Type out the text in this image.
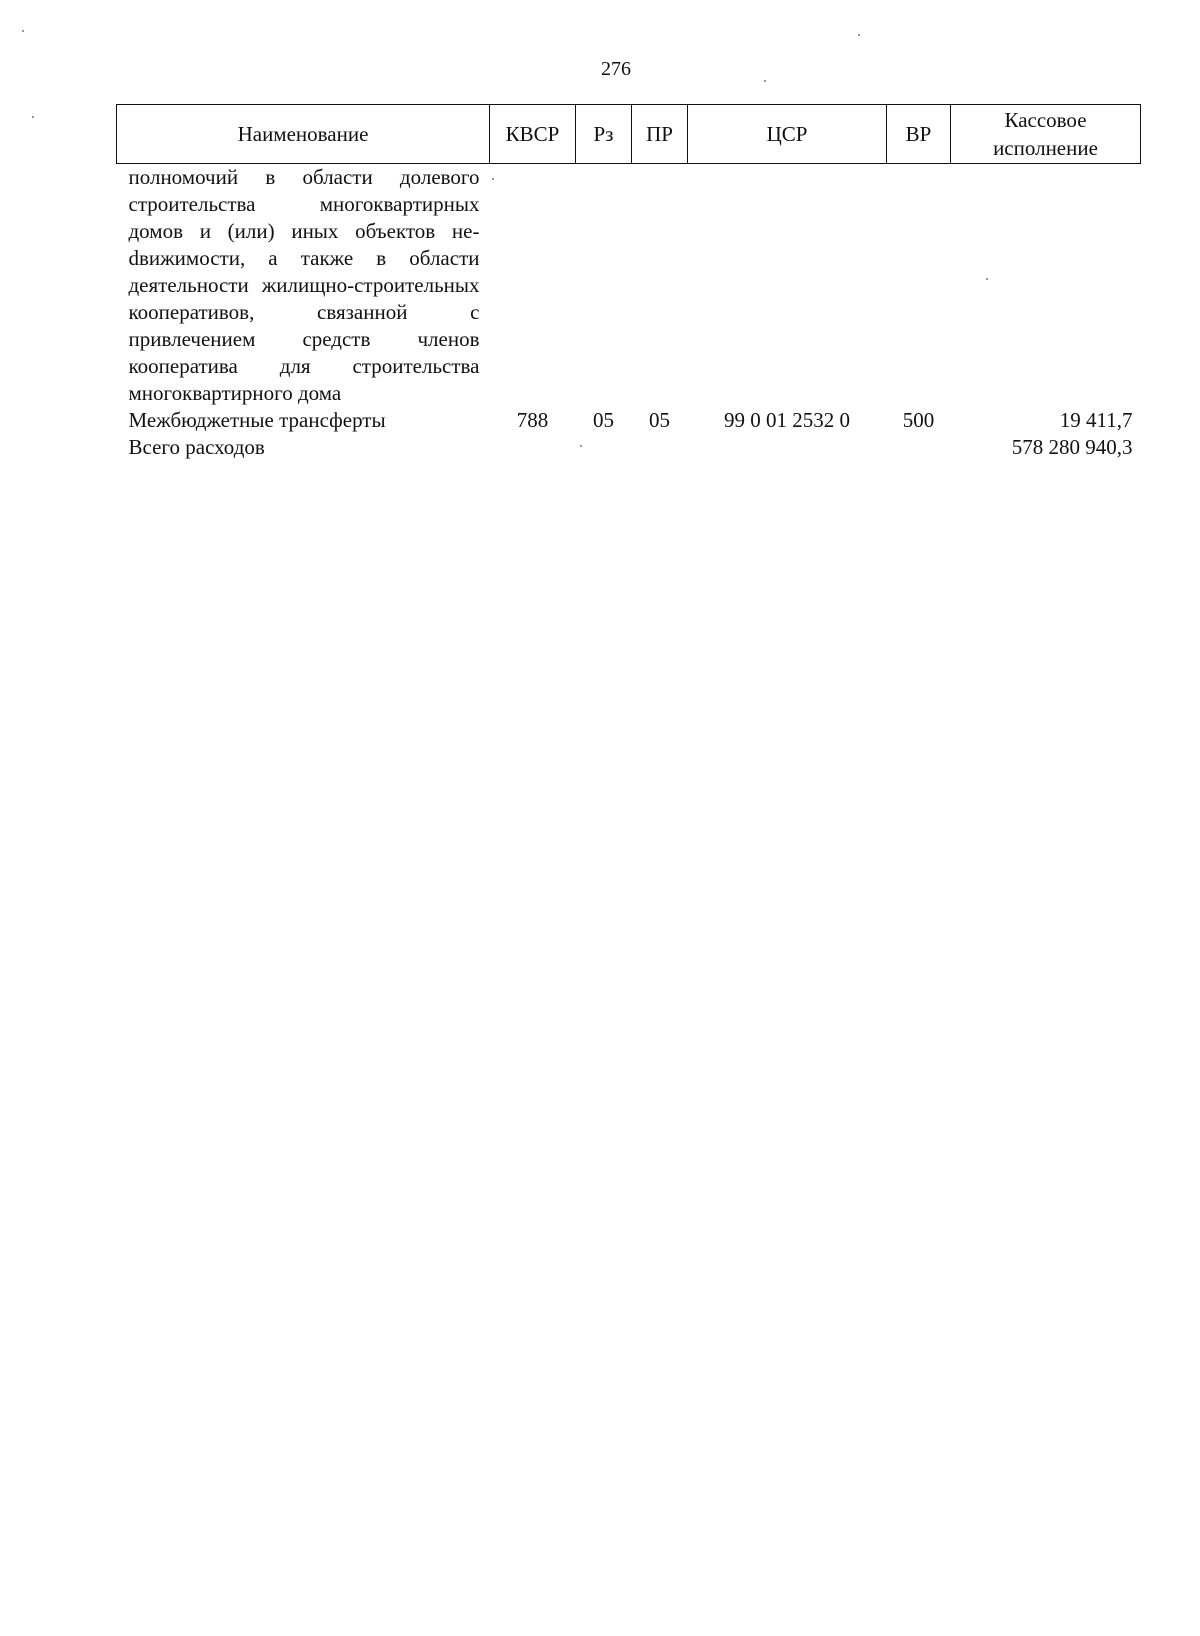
276
Наименование	КВСР	Рз	ПР	ЦСР	ВР	Кассовое
исполнение

полномочий в области долевого строительства многоквартирных домов и (или) иных объектов неdвижимости, а также в области деятельности жилищно-строительных кооперативов, связанной с привлечением средств членов кооператива для строительства многоквартирного дома						
Межбюджетные трансферты	788	05	05	99 0 01 2532 0	500	19 411,7
Всего расходов						578 280 940,3
